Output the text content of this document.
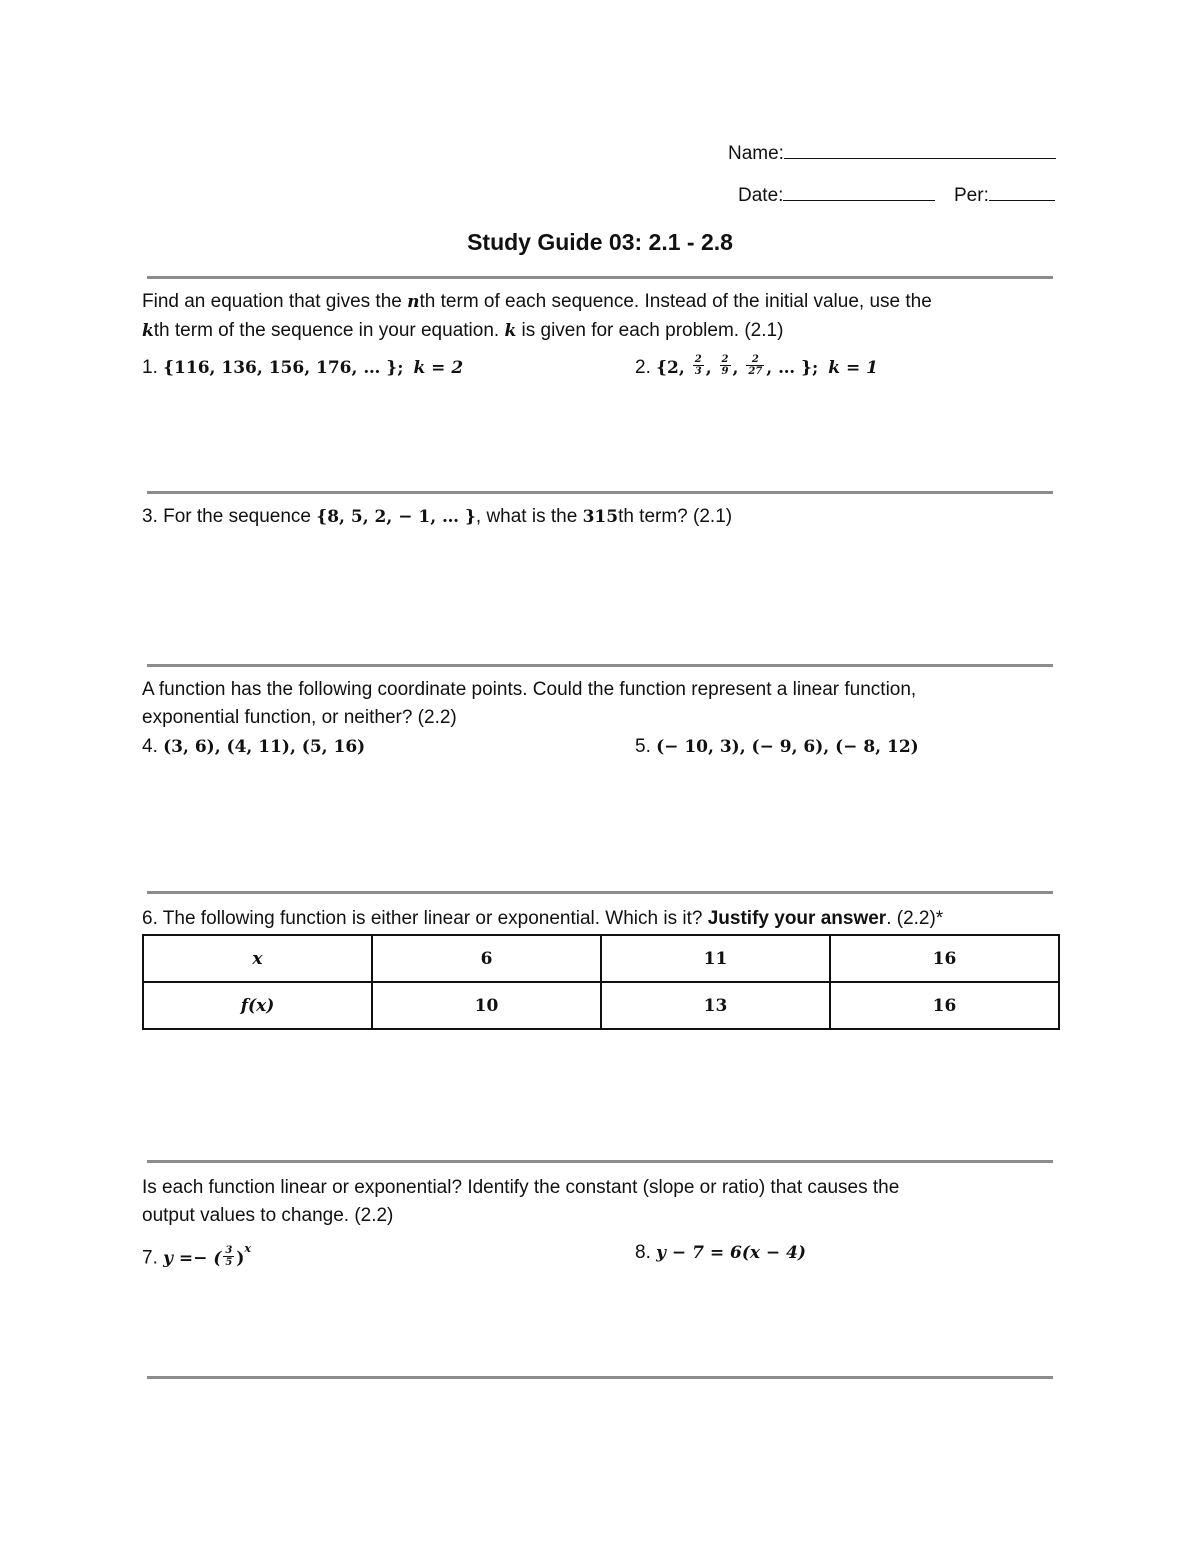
Name:
Date:	Per:
Study Guide 03: 2.1 - 2.8
Find an equation that gives the nth term of each sequence. Instead of the initial value, use the
kth term of the sequence in your equation. k is given for each problem. (2.1)
1. {116, 136, 156, 176, … }; k = 2	2. {2, $\frac{2}{3}$ , $\frac{2}{9}$ , $\frac{2}{27}$ , … }; k = 1
3. For the sequence {8, 5, 2, − 1, … }, what is the 315th term? (2.1)
A function has the following coordinate points. Could the function represent a linear function,
exponential function, or neither? (2.2)
4. (3, 6), (4, 11), (5, 16)	5. (− 10, 3), (− 9, 6), (− 8, 12)
6. The following function is either linear or exponential. Which is it? Justify your answer. (2.2)*
x	6	11	16
f(x)	10	13	16
Is each function linear or exponential? Identify the constant (slope or ratio) that causes the
output values to change. (2.2)
7. y =− ( $\frac{3}{5} )^x$	8. y − 7 = 6(x − 4)
